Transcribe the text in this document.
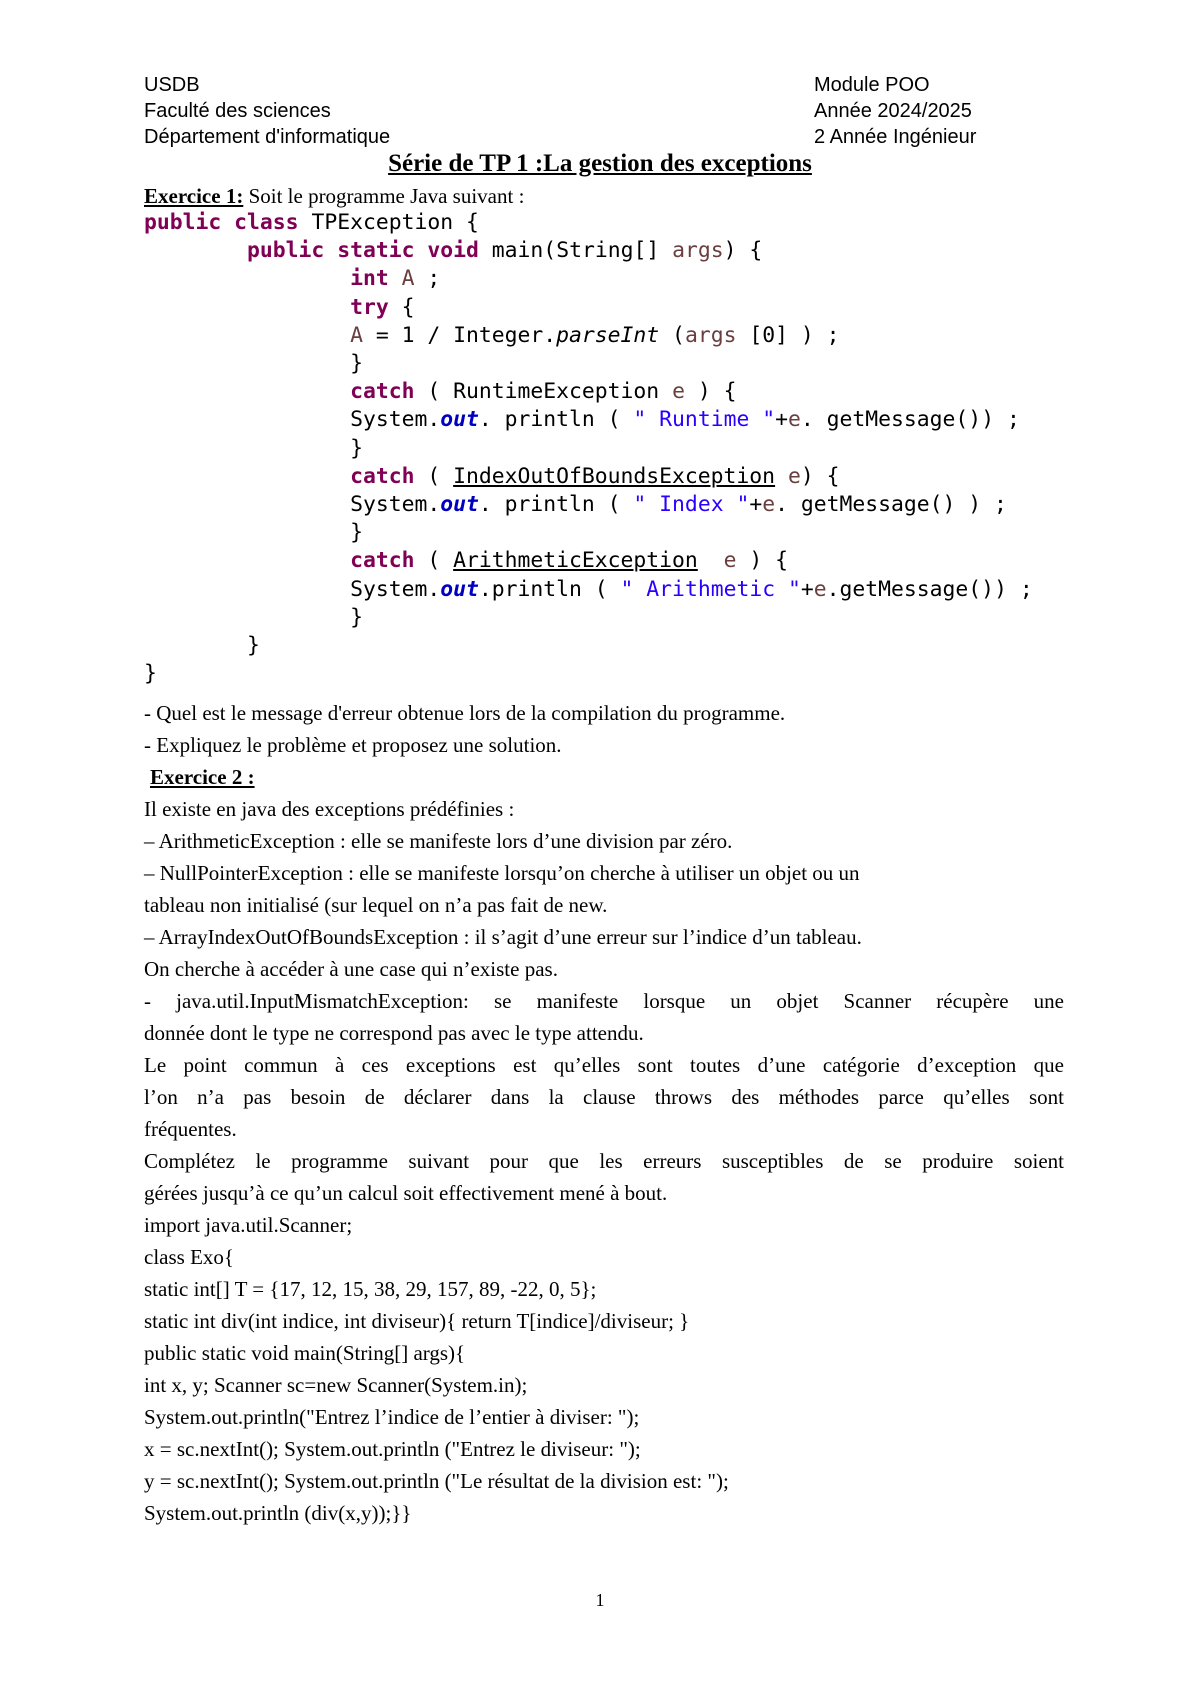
USDB
Faculté des sciences
Département d'informatique
Module POO
Année 2024/2025
2 Année Ingénieur
Série de TP 1 :La gestion des exceptions
Exercice 1: Soit le programme Java suivant :
public class TPException {
	public static void main(String[] args) {
		int A ;
		try {
		A = 1 / Integer.parseInt (args [0] ) ;
		}
		catch ( RuntimeException e ) {
		System.out. println ( " Runtime "+e. getMessage()) ;
		}
		catch ( IndexOutOfBoundsException e) {
		System.out. println ( " Index "+e. getMessage() ) ;
		}
		catch ( ArithmeticException e ) {
		System.out.println ( " Arithmetic "+e.getMessage()) ;
		}
	}
}

- Quel est le message d'erreur obtenue lors de la compilation du programme.

- Expliquez le problème et proposez une solution.

Exercice 2 :

Il existe en java des exceptions prédéfinies :

– ArithmeticException : elle se manifeste lors d’une division par zéro.

– NullPointerException : elle se manifeste lorsqu’on cherche à utiliser un objet ou un

tableau non initialisé (sur lequel on n’a pas fait de new.

– ArrayIndexOutOfBoundsException : il s’agit d’une erreur sur l’indice d’un tableau.

On cherche à accéder à une case qui n’existe pas.

- java.util.InputMismatchException: se manifeste lorsque un objet Scanner récupère une

donnée dont le type ne correspond pas avec le type attendu.

Le point commun à ces exceptions est qu’elles sont toutes d’une catégorie d’exception que

l’on n’a pas besoin de déclarer dans la clause throws des méthodes parce qu’elles sont

fréquentes.

Complétez le programme suivant pour que les erreurs susceptibles de se produire soient

gérées jusqu’à ce qu’un calcul soit effectivement mené à bout.

import java.util.Scanner;

class Exo{

static int[] T = {17, 12, 15, 38, 29, 157, 89, -22, 0, 5};

static int div(int indice, int diviseur){ return T[indice]/diviseur; }

public static void main(String[] args){

int x, y; Scanner sc=new Scanner(System.in);

System.out.println("Entrez l’indice de l’entier à diviser: ");

x = sc.nextInt(); System.out.println ("Entrez le diviseur: ");

y = sc.nextInt(); System.out.println ("Le résultat de la division est: ");

System.out.println (div(x,y));}}

1
